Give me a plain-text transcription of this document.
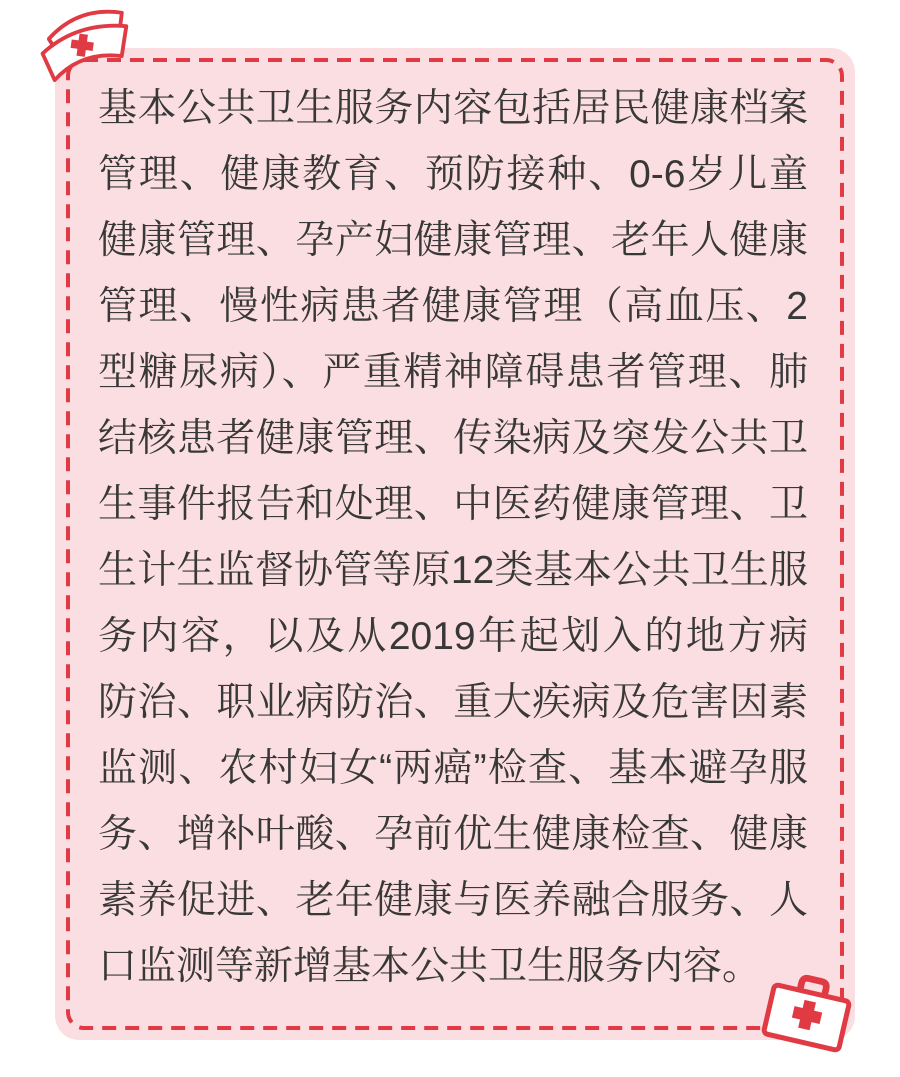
基本公共卫生服务内容包括居民健康档案
管理、健康教育、预防接种、0-6岁儿童
健康管理、孕产妇健康管理、老年人健康
管理、慢性病患者健康管理（高血压、2
型糖尿病）、严重精神障碍患者管理、肺
结核患者健康管理、传染病及突发公共卫
生事件报告和处理、中医药健康管理、卫
生计生监督协管等原12类基本公共卫生服
务内容，以及从2019年起划入的地方病
防治、职业病防治、重大疾病及危害因素
监测、农村妇女“两癌”检查、基本避孕服
务、增补叶酸、孕前优生健康检查、健康
素养促进、老年健康与医养融合服务、人
口监测等新增基本公共卫生服务内容。
